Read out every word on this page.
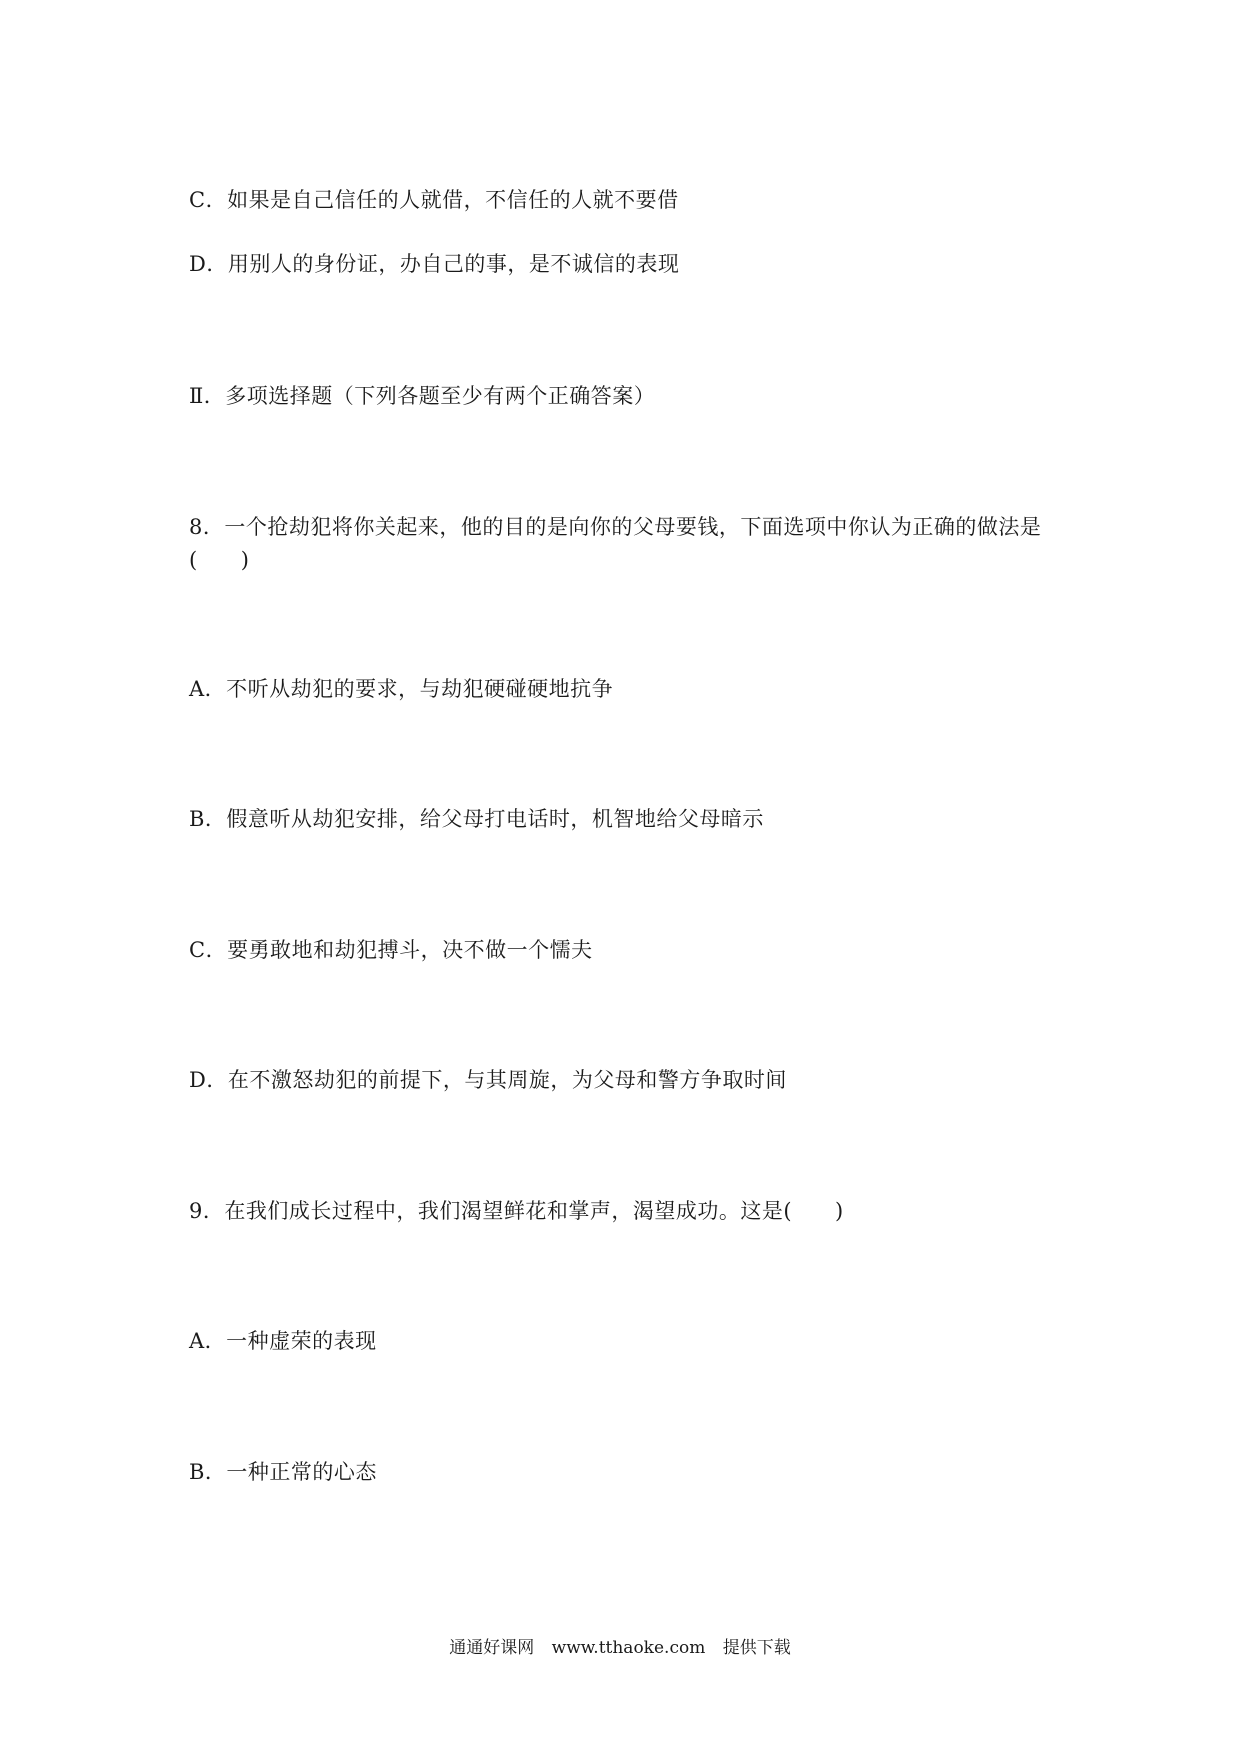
C．如果是自己信任的人就借，不信任的人就不要借
D．用别人的身份证，办自己的事，是不诚信的表现
Ⅱ．多项选择题（下列各题至少有两个正确答案）
8．一个抢劫犯将你关起来，他的目的是向你的父母要钱，下面选项中你认为正确的做法是
(　　)
A．不听从劫犯的要求，与劫犯硬碰硬地抗争
B．假意听从劫犯安排，给父母打电话时，机智地给父母暗示
C．要勇敢地和劫犯搏斗，决不做一个懦夫
D．在不激怒劫犯的前提下，与其周旋，为父母和警方争取时间
9．在我们成长过程中，我们渴望鲜花和掌声，渴望成功。这是(　　)
A．一种虚荣的表现
B．一种正常的心态
通通好课网 www.tthaoke.com 提供下载
